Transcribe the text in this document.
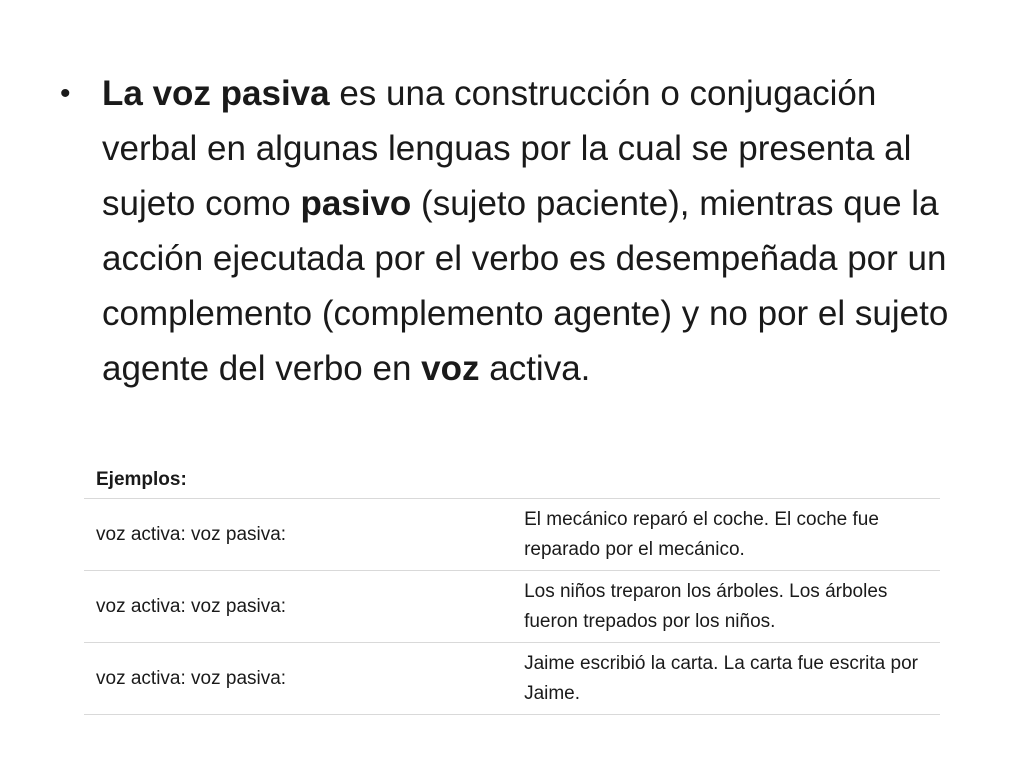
• La voz pasiva es una construcción o conjugación verbal en algunas lenguas por la cual se presenta al sujeto como pasivo (sujeto paciente), mientras que la acción ejecutada por el verbo es desempeñada por un complemento (complemento agente) y no por el sujeto agente del verbo en voz activa.
Ejemplos:	
voz activa: voz pasiva:	El mecánico reparó el coche. El coche fue reparado por el mecánico.
voz activa: voz pasiva:	Los niños treparon los árboles. Los árboles fueron trepados por los niños.
voz activa: voz pasiva:	Jaime escribió la carta. La carta fue escrita por Jaime.
